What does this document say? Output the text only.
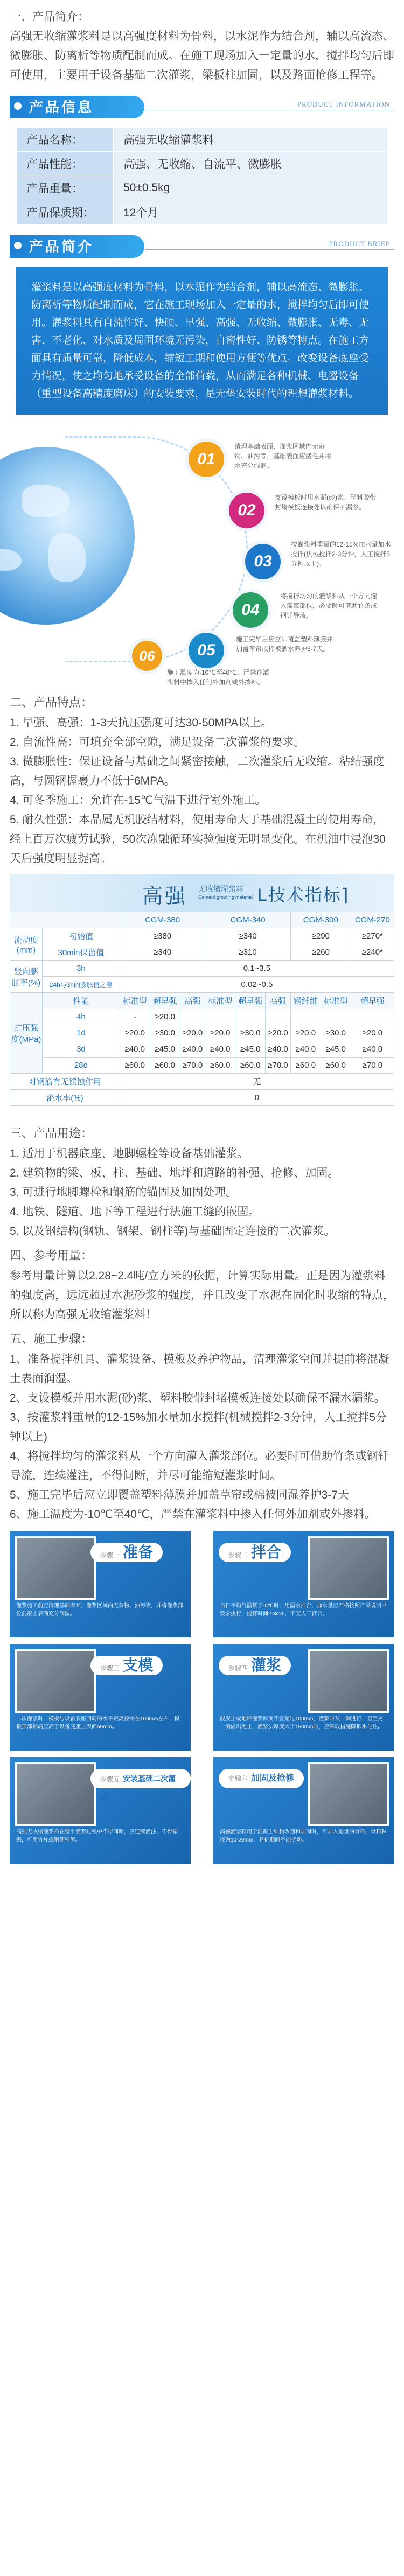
一、产品简介：
高强无收缩灌浆料是以高强度材料为骨料，以水泥作为结合剂，辅以高流态、微膨胀、防离析等物质配制而成。在施工现场加入一定量的水，搅拌均匀后即可使用，主要用于设备基础二次灌浆，梁板柱加固，以及路面抢修工程等。
产品信息	PRODUCT INFORMATION
产品名称：	高强无收缩灌浆料
产品性能：	高强、无收缩、自流平、微膨胀
产品重量：	50±0.5kg
产品保质期：	12个月
产品简介	PRODUCT BRIEF
灌浆料是以高强度材料为骨料，以水泥作为结合剂，辅以高流态、微膨胀、防离析等物质配制而成，它在施工现场加入一定量的水，搅拌均匀后即可使用。灌浆料具有自流性好、快硬、早强、高强、无收缩、微膨胀、无毒、无害、不老化、对水质及周围环境无污染，自密性好、防锈等特点。在施工方面具有质量可靠，降低成本，缩短工期和使用方便等优点。改变设备底座受力情况，使之均匀地承受设备的全部荷载，从而满足各种机械、电器设备（重型设备高精度磨床）的安装要求，是无垫安装时代的理想灌浆材料。
01
清理基础表面，灌浆区域内无杂物、油污等，基础表面应凿毛并用水充分湿润。
02
支设模板时用水泥(砂)浆、塑料胶带封堵模板连接处以确保不漏浆。
03
按灌浆料重量的12-15%加水量加水搅拌(机械搅拌2-3分钟，人工搅拌5分钟以上)。
04
将搅拌均匀的灌浆料从一个方向灌入灌浆部位，必要时可借助竹条或钢钎导流。
05
施工完毕后应立即覆盖塑料薄膜并加盖草帘或棉被洒水养护3-7天。
06
施工温度为-10℃至40℃，严禁在灌浆料中掺入任何外加剂或外掺料。
二、产品特点：
1. 早强、高强：1-3天抗压强度可达30-50MPA以上。
2. 自流性高：可填充全部空隙，满足设备二次灌浆的要求。
3. 微膨胀性：保证设备与基础之间紧密接触，二次灌浆后无收缩。粘结强度高，与圆钢握裹力不低于6MPA。
4. 可冬季施工：允许在-15℃气温下进行室外施工。
5. 耐久性强：本品属无机胶结材料，使用寿命大于基础混凝土的使用寿命，经上百万次疲劳试验，50次冻融循环实验强度无明显变化。在机油中浸泡30天后强度明显提高。
高强 无收缩灌浆料
Cement grouting material L技术指标⌉
		CGM-380			CGM-340			CGM-300		CGM-270
流动度(mm)	初始值	≥380			≥340			≥290		≥270*
	30min保留值	≥340			≥310			≥260		≥240*
竖向膨胀率(%)	3h	0.1~3.5								
	24h与3h的膨胀值之差	0.02~0.5								
抗压强度(MPa)	性能	标准型	超早强	高强	标准型	超早强	高强	钢纤维	标准型	超早强
	4h	-	≥20.0							
	1d	≥20.0	≥30.0	≥20.0	≥20.0	≥30.0	≥20.0	≥20.0	≥30.0	≥20.0
	3d	≥40.0	≥45.0	≥40.0	≥40.0	≥45.0	≥40.0	≥40.0	≥45.0	≥40.0
	28d	≥60.0	≥60.0	≥70.0	≥60.0	≥60.0	≥70.0	≥60.0	≥60.0	≥70.0
对钢筋有无锈蚀作用		无								
泌水率(%)		0								
三、产品用途：
1. 适用于机器底座、地脚螺栓等设备基础灌浆。
2. 建筑物的梁、板、柱、基础、地坪和道路的补强、抢修、加固。
3. 可进行地脚螺栓和钢筋的锚固及加固处理。
4. 地铁、隧道、地下等工程进行法施工缝的嵌固。
5. 以及钢结构(钢轨、钢架、钢柱等)与基础固定连接的二次灌浆。
四、参考用量：
参考用量计算以2.28~2.4吨/立方米的依据，计算实际用量。正是因为灌浆料的强度高，远远超过水泥砂浆的强度，并且改变了水泥在固化时收缩的特点，所以称为高强无收缩灌浆料！
五、施工步骤：
1、准备搅拌机具、灌浆设备、模板及养护物品，清理灌浆空间并提前将混凝土表面润湿。
2、支设模板并用水泥(砂)浆、塑料胶带封堵模板连接处以确保不漏水漏浆。
3、按灌浆料重量的12-15%加水量加水搅拌(机械搅拌2-3分钟，人工搅拌5分钟以上)
4、将搅拌均匀的灌浆料从一个方向灌入灌浆部位。必要时可借助竹条或钢钎导流，连续灌注，不得间断，并尽可能缩短灌浆时间。
5、施工完毕后应立即覆盖塑料薄膜并加盖草帘或棉被同湿养护3-7天
6、施工温度为-10℃至40℃，严禁在灌浆料中掺入任何外加剂或外掺料。
步骤一 准备
灌浆施工前应清理基础表面，灌浆区域内无杂物、油污等，并将灌浆部位混凝土表面充分润湿。
步骤二 拌合
当日平均气温低于-5℃时，用温水拌合，加水量应严格按照产品说明书要求执行，搅拌时间2-3min，不宜人工拌合。
步骤三 支模
二次灌浆时，模板与设备底座四周的水平距离控制在100mm左右，模板顶部标高应高于设备底座上表面50mm。
步骤四 灌浆
混凝土或地坪灌浆厚度不宜超过100mm，灌浆时从一侧进行，直至另一侧溢出为止，灌浆层厚度大于150mm时，应采取措施降低水化热。
步骤五 安装基础二次灌浆
高强无收缩灌浆料在整个灌浆过程中不得间断，应连续灌注，不得振捣，可用竹片或钢筋引流。
步骤六 加固及抢修
高强灌浆料用于混凝土结构改造和加固时，可加入适量的骨料，骨料粒径为10-20mm，养护期间不能扰动。
